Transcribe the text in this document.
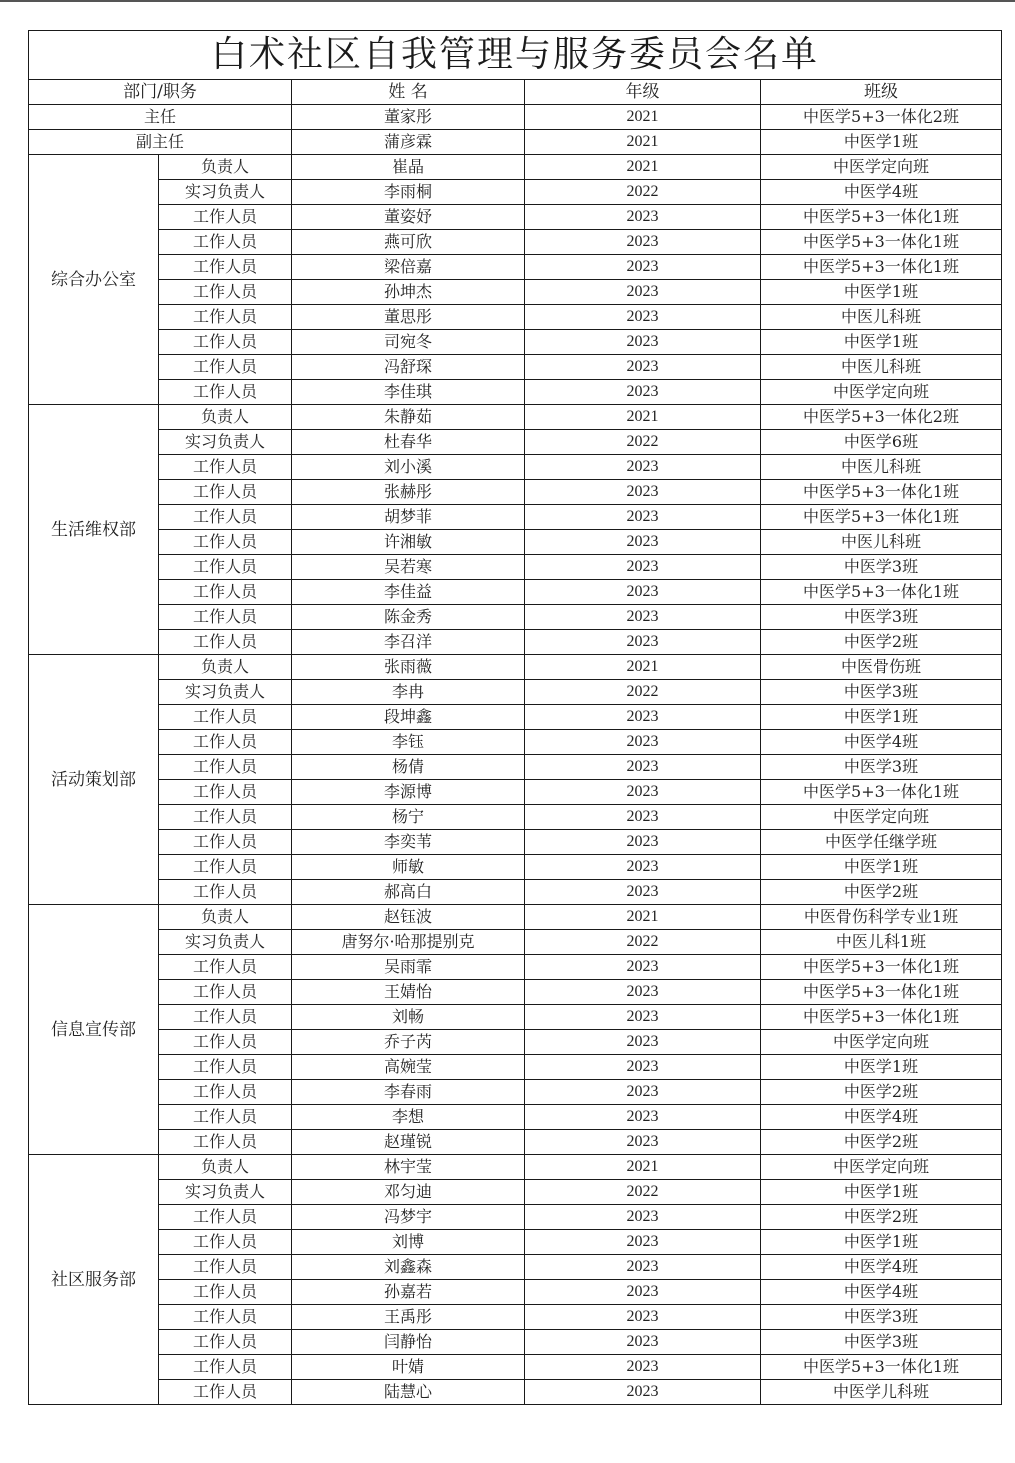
白术社区自我管理与服务委员会名单				
部门/职务		姓 名	年级	班级
主任		董家彤	2021	中医学5+3一体化2班
副主任		蒲彦霖	2021	中医学1班
综合办公室	负责人	崔晶	2021	中医学定向班
	实习负责人	李雨桐	2022	中医学4班
	工作人员	董姿妤	2023	中医学5+3一体化1班
	工作人员	燕可欣	2023	中医学5+3一体化1班
	工作人员	梁倍嘉	2023	中医学5+3一体化1班
	工作人员	孙坤杰	2023	中医学1班
	工作人员	董思彤	2023	中医儿科班
	工作人员	司宛冬	2023	中医学1班
	工作人员	冯舒琛	2023	中医儿科班
	工作人员	李佳琪	2023	中医学定向班
生活维权部	负责人	朱静茹	2021	中医学5+3一体化2班
	实习负责人	杜春华	2022	中医学6班
	工作人员	刘小溪	2023	中医儿科班
	工作人员	张赫彤	2023	中医学5+3一体化1班
	工作人员	胡梦菲	2023	中医学5+3一体化1班
	工作人员	许湘敏	2023	中医儿科班
	工作人员	吴若寒	2023	中医学3班
	工作人员	李佳益	2023	中医学5+3一体化1班
	工作人员	陈金秀	2023	中医学3班
	工作人员	李召洋	2023	中医学2班
活动策划部	负责人	张雨薇	2021	中医骨伤班
	实习负责人	李冉	2022	中医学3班
	工作人员	段坤鑫	2023	中医学1班
	工作人员	李钰	2023	中医学4班
	工作人员	杨倩	2023	中医学3班
	工作人员	李源博	2023	中医学5+3一体化1班
	工作人员	杨宁	2023	中医学定向班
	工作人员	李奕苇	2023	中医学任继学班
	工作人员	师敏	2023	中医学1班
	工作人员	郝高白	2023	中医学2班
信息宣传部	负责人	赵钰波	2021	中医骨伤科学专业1班
	实习负责人	唐努尔·哈那提别克	2022	中医儿科1班
	工作人员	吴雨霏	2023	中医学5+3一体化1班
	工作人员	王婧怡	2023	中医学5+3一体化1班
	工作人员	刘畅	2023	中医学5+3一体化1班
	工作人员	乔子芮	2023	中医学定向班
	工作人员	高婉莹	2023	中医学1班
	工作人员	李春雨	2023	中医学2班
	工作人员	李想	2023	中医学4班
	工作人员	赵瑾锐	2023	中医学2班
社区服务部	负责人	林宇莹	2021	中医学定向班
	实习负责人	邓匀迪	2022	中医学1班
	工作人员	冯梦宇	2023	中医学2班
	工作人员	刘博	2023	中医学1班
	工作人员	刘鑫森	2023	中医学4班
	工作人员	孙嘉若	2023	中医学4班
	工作人员	王禹彤	2023	中医学3班
	工作人员	闫静怡	2023	中医学3班
	工作人员	叶婧	2023	中医学5+3一体化1班
	工作人员	陆慧心	2023	中医学儿科班
